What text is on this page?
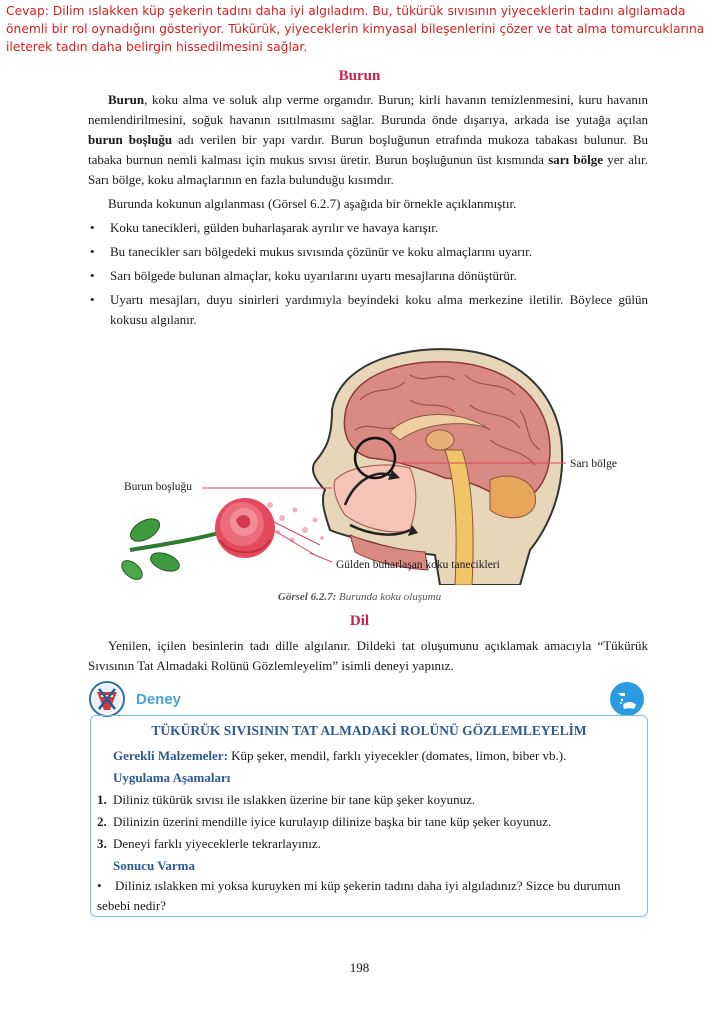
Cevap: Dilim ıslakken küp şekerin tadını daha iyi algıladım. Bu, tükürük sıvısının yiyeceklerin tadını algılamada önemli bir rol oynadığını gösteriyor. Tükürük, yiyeceklerin kimyasal bileşenlerini çözer ve tat alma tomurcuklarına ileterek tadın daha belirgin hissedilmesini sağlar.
Burun
Burun, koku alma ve soluk alıp verme organıdır. Burun; kirli havanın temizlenmesini, kuru havanın nemlendirilmesini, soğuk havanın ısıtılmasını sağlar. Burunda önde dışarıya, arkada ise yutağa açılan burun boşluğu adı verilen bir yapı vardır. Burun boşluğunun etrafında mukoza tabakası bulunur. Bu tabaka burnun nemli kalması için mukus sıvısı üretir. Burun boşluğunun üst kısmında sarı bölge yer alır. Sarı bölge, koku almaçlarının en fazla bulunduğu kısımdır.
Burunda kokunun algılanması (Görsel 6.2.7) aşağıda bir örnekle açıklanmıştır.
• Koku tanecikleri, gülden buharlaşarak ayrılır ve havaya karışır.
• Bu tanecikler sarı bölgedeki mukus sıvısında çözünür ve koku almaçlarını uyarır.
• Sarı bölgede bulunan almaçlar, koku uyarılarını uyartı mesajlarına dönüştürür.
• Uyartı mesajları, duyu sinirleri yardımıyla beyindeki koku alma merkezine iletilir. Böylece gülün kokusu algılanır.
Burun boşluğu
Sarı bölge
Gülden buharlaşan koku tanecikleri
Görsel 6.2.7: Burunda koku oluşumu
Dil
Yenilen, içilen besinlerin tadı dille algılanır. Dildeki tat oluşumunu açıklamak amacıyla “Tükürük Sıvısının Tat Almadaki Rolünü Gözlemleyelim” isimli deneyi yapınız.
Deney
TÜKÜRÜK SIVISININ TAT ALMADAKİ ROLÜNÜ GÖZLEMLEYELİM
Gerekli Malzemeler: Küp şeker, mendil, farklı yiyecekler (domates, limon, biber vb.).
Uygulama Aşamaları
1. Diliniz tükürük sıvısı ile ıslakken üzerine bir tane küp şeker koyunuz.
2. Dilinizin üzerini mendille iyice kurulayıp dilinize başka bir tane küp şeker koyunuz.
3. Deneyi farklı yiyeceklerle tekrarlayınız.
Sonucu Varma
• Diliniz ıslakken mi yoksa kuruyken mi küp şekerin tadını daha iyi algıladınız? Sizce bu durumun sebebi nedir?
198
